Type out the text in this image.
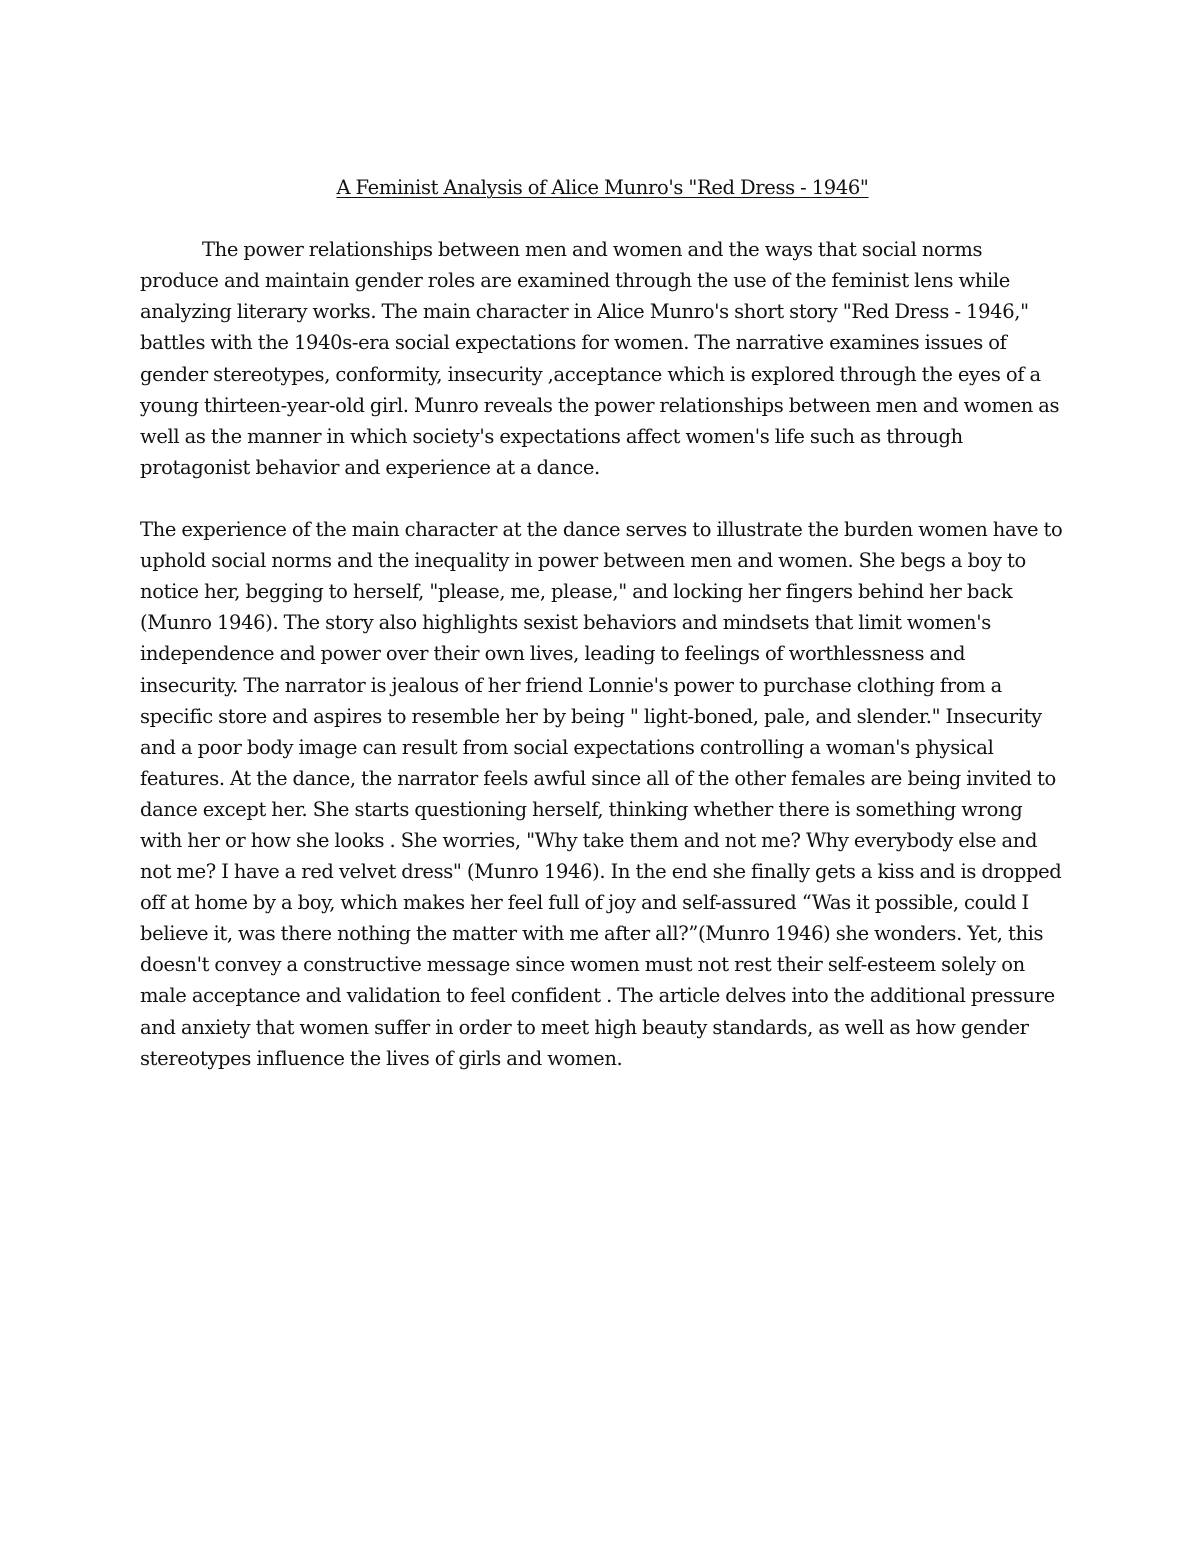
A Feminist Analysis of Alice Munro's "Red Dress - 1946"

The power relationships between men and women and the ways that social norms produce and maintain gender roles are examined through the use of the feminist lens while analyzing literary works. The main character in Alice Munro's short story "Red Dress - 1946," battles with the 1940s-era social expectations for women. The narrative examines issues of gender stereotypes, conformity, insecurity ,acceptance which is explored through the eyes of a young thirteen-year-old girl. Munro reveals the power relationships between men and women as well as the manner in which society's expectations affect women's life such as through protagonist behavior and experience at a dance.

The experience of the main character at the dance serves to illustrate the burden women have to uphold social norms and the inequality in power between men and women. She begs a boy to notice her, begging to herself, "please, me, please," and locking her fingers behind her back (Munro 1946). The story also highlights sexist behaviors and mindsets that limit women's independence and power over their own lives, leading to feelings of worthlessness and insecurity. The narrator is jealous of her friend Lonnie's power to purchase clothing from a specific store and aspires to resemble her by being " light-boned, pale, and slender." Insecurity and a poor body image can result from social expectations controlling a woman's physical features. At the dance, the narrator feels awful since all of the other females are being invited to dance except her. She starts questioning herself, thinking whether there is something wrong with her or how she looks . She worries, "Why take them and not me? Why everybody else and not me? I have a red velvet dress" (Munro 1946). In the end she finally gets a kiss and is dropped off at home by a boy, which makes her feel full of joy and self-assured “Was it possible, could I believe it, was there nothing the matter with me after all?”(Munro 1946) she wonders. Yet, this doesn't convey a constructive message since women must not rest their self-esteem solely on male acceptance and validation to feel confident . The article delves into the additional pressure and anxiety that women suffer in order to meet high beauty standards, as well as how gender stereotypes influence the lives of girls and women.
